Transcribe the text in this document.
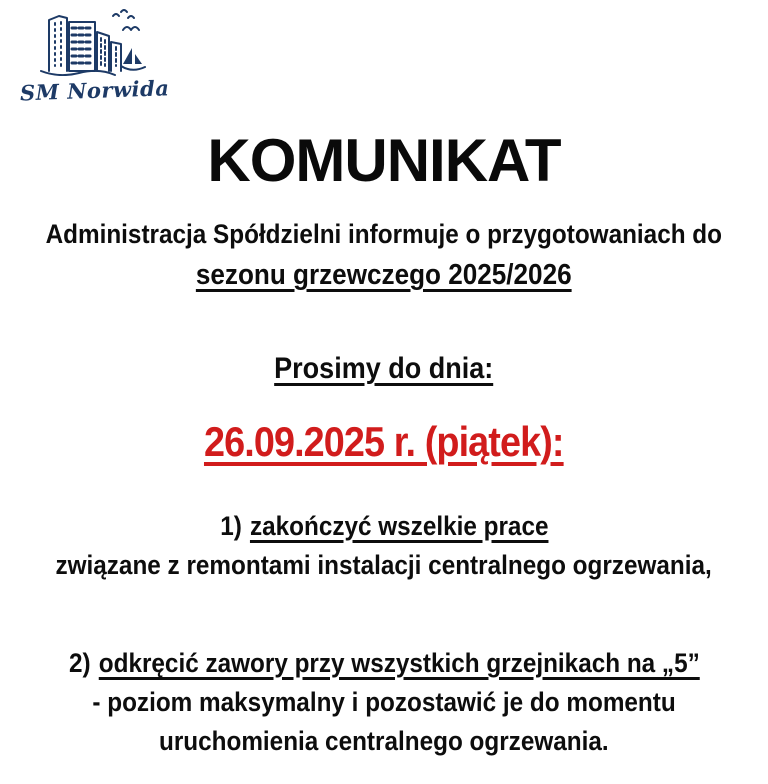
SM Norwida
KOMUNIKAT
Administracja Spółdzielni informuje o przygotowaniach do
sezonu grzewczego 2025/2026
Prosimy do dnia:
26.09.2025 r. (piątek):
1) zakończyć wszelkie prace
związane z remontami instalacji centralnego ogrzewania,
2) odkręcić zawory przy wszystkich grzejnikach na „5”
- poziom maksymalny i pozostawić je do momentu
uruchomienia centralnego ogrzewania.
